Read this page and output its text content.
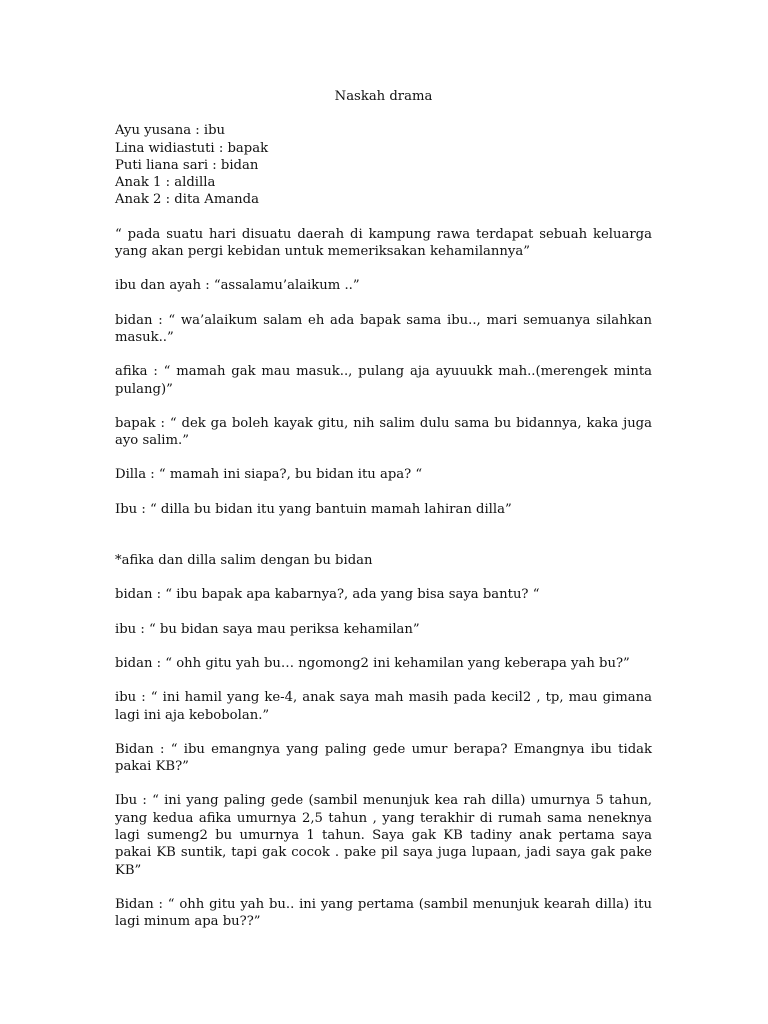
Naskah drama
Ayu yusana : ibu
Lina widiastuti : bapak
Puti liana sari : bidan
Anak 1 : aldilla
Anak 2 : dita Amanda

“ pada suatu hari disuatu daerah di kampung rawa terdapat sebuah keluarga yang akan pergi kebidan untuk memeriksakan kehamilannya”

ibu dan ayah : “assalamu’alaikum ..”

bidan : “ wa’alaikum salam eh ada bapak sama ibu.., mari semuanya silahkan masuk..”

afika : “ mamah gak mau masuk.., pulang aja ayuuukk mah..(merengek minta pulang)”

bapak : “ dek ga boleh kayak gitu, nih salim dulu sama bu bidannya, kaka juga ayo salim.”

Dilla : “ mamah ini siapa?, bu bidan itu apa? “

Ibu : “ dilla bu bidan itu yang bantuin mamah lahiran dilla”

*afika dan dilla salim dengan bu bidan

bidan : “ ibu bapak apa kabarnya?, ada yang bisa saya bantu? “

ibu : “ bu bidan saya mau periksa kehamilan”

bidan : “ ohh gitu yah bu… ngomong2 ini kehamilan yang keberapa yah bu?”

ibu : “ ini hamil yang ke-4, anak saya mah masih pada kecil2 , tp, mau gimana lagi ini aja kebobolan.”

Bidan : “ ibu emangnya yang paling gede umur berapa? Emangnya ibu tidak pakai KB?”

Ibu : “ ini yang paling gede (sambil menunjuk kea rah dilla) umurnya 5 tahun, yang kedua afika umurnya 2,5 tahun , yang terakhir di rumah sama neneknya lagi sumeng2 bu umurnya 1 tahun. Saya gak KB tadiny anak pertama saya pakai KB suntik, tapi gak cocok . pake pil saya juga lupaan, jadi saya gak pake KB”

Bidan : “ ohh gitu yah bu.. ini yang pertama (sambil menunjuk kearah dilla) itu lagi minum apa bu??”
